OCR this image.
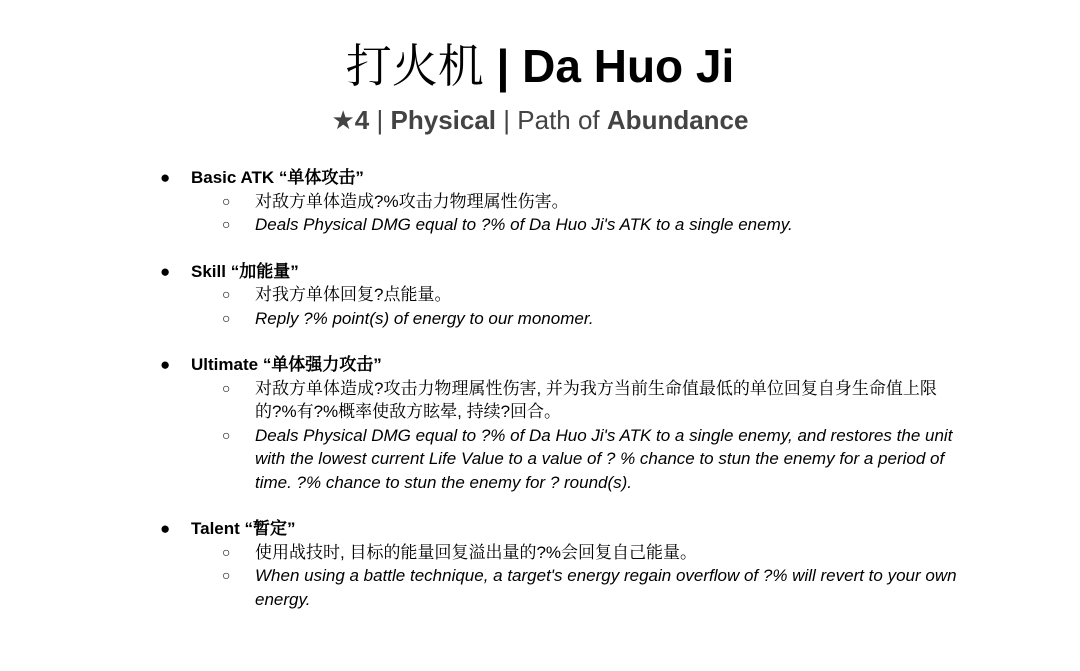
打火机 | Da Huo Ji
★4 | Physical | Path of Abundance
● Basic ATK “单体攻击”
○ 对敌方单体造成?%攻击力物理属性伤害。
○ Deals Physical DMG equal to ?% of Da Huo Ji's ATK to a single enemy.
● Skill “加能量”
○ 对我方单体回复?点能量。
○ Reply ?% point(s) of energy to our monomer.
● Ultimate “单体强力攻击”
○ 对敌方单体造成?攻击力物理属性伤害, 并为我方当前生命值最低的单位回复自身生命值上限的?%有?%概率使敌方眩晕, 持续?回合。
○ Deals Physical DMG equal to ?% of Da Huo Ji's ATK to a single enemy, and restores the unit with the lowest current Life Value to a value of ? % chance to stun the enemy for a period of time. ?% chance to stun the enemy for ? round(s).
● Talent “暂定”
○ 使用战技时, 目标的能量回复溢出量的?%会回复自己能量。
○ When using a battle technique, a target's energy regain overflow of ?% will revert to your own energy.
